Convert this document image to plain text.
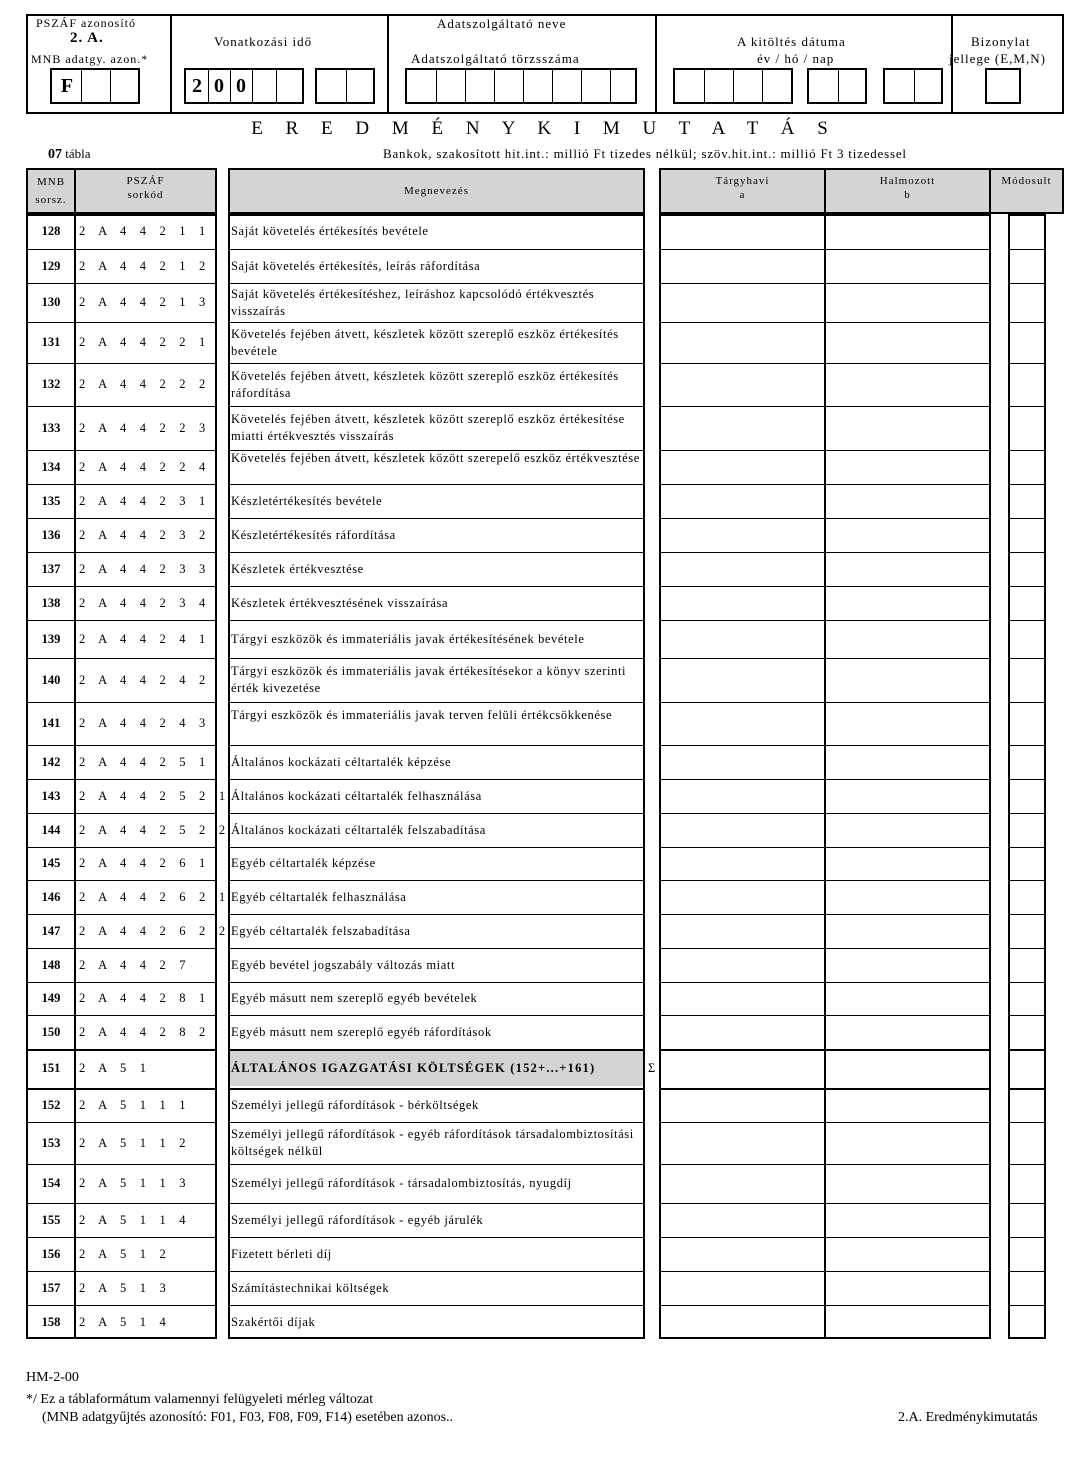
PSZÁF azonosító
2. A.
MNB adatgy. azon.*
F
Vonatkozási idő
2 0 0
Adatszolgáltató neve
Adatszolgáltató törzsszáma
A kitöltés dátuma
év / hó / nap
Bizonylat
jellege (E,M,N)
E R E D M É N Y K I M U T A T Á S
07 tábla	Bankok, szakosított hit.int.: millió Ft tizedes nélkül; szöv.hit.int.: millió Ft 3 tizedessel
MNB
sorsz.
PSZÁF
sorkód	Megnevezés
Tárgyhavi
a
Halmozott
b
Módosult
128	2 A 4 4 2 1 1 Saját követelés értékesítés bevétele
129	2 A 4 4 2 1 2 Saját követelés értékesítés, leírás ráfordítása
130	2 A 4 4 2 1 3
Saját követelés értékesítéshez, leíráshoz kapcsolódó értékvesztés visszaírás
131	2 A 4 4 2 2 1
Követelés fejében átvett, készletek között szereplő eszköz értékesítés bevétele
132	2 A 4 4 2 2 2
Követelés fejében átvett, készletek között szereplő eszköz értékesítés ráfordítása
133	2 A 4 4 2 2 3
Követelés fejében átvett, készletek között szereplő eszköz értékesítése miatti értékvesztés visszaírás
134	2 A 4 4 2 2 4
Követelés fejében átvett, készletek között szerepelő eszköz értékvesztése
135	2 A 4 4 2 3 1 Készletértékesítés bevétele
136	2 A 4 4 2 3 2 Készletértékesítés ráfordítása
137	2 A 4 4 2 3 3 Készletek értékvesztése
138	2 A 4 4 2 3 4 Készletek értékvesztésének visszaírása
139	2 A 4 4 2 4 1 Tárgyi eszközök és immateriális javak értékesítésének bevétele
140	2 A 4 4 2 4 2
Tárgyi eszközök és immateriális javak értékesítésekor a könyv szerinti érték kivezetése
141	2 A 4 4 2 4 3
Tárgyi eszközök és immateriális javak terven felüli értékcsökkenése
142	2 A 4 4 2 5 1 Általános kockázati céltartalék képzése
143	2 A 4 4 2 5 2 1 Általános kockázati céltartalék felhasználása
144	2 A 4 4 2 5 2 2 Általános kockázati céltartalék felszabadítása
145	2 A 4 4 2 6 1 Egyéb céltartalék képzése
146	2 A 4 4 2 6 2 1 Egyéb céltartalék felhasználása
147	2 A 4 4 2 6 2 2 Egyéb céltartalék felszabadítása
148	2 A 4 4 2 7	Egyéb bevétel jogszabály változás miatt
149	2 A 4 4 2 8 1 Egyéb másutt nem szereplő egyéb bevételek
150	2 A 4 4 2 8 2 Egyéb másutt nem szereplő egyéb ráfordítások
151	2 A 5 1	ÁLTALÁNOS IGAZGATÁSI KÖLTSÉGEK (152+...+161)	Σ
152	2 A 5 1 1 1	Személyi jellegű ráfordítások - bérköltségek
153	2 A 5 1 1 2
Személyi jellegű ráfordítások - egyéb ráfordítások társadalombiztosítási költségek nélkül
154	2 A 5 1 1 3	Személyi jellegű ráfordítások - társadalombiztosítás, nyugdíj
155	2 A 5 1 1 4	Személyi jellegű ráfordítások - egyéb járulék
156	2 A 5 1 2	Fizetett bérleti díj
157	2 A 5 1 3	Számítástechnikai költségek
158	2 A 5 1 4	Szakértői díjak
HM-2-00
*/ Ez a táblaformátum valamennyi felügyeleti mérleg változat
(MNB adatgyűjtés azonosító: F01, F03, F08, F09, F14) esetében azonos..	2.A. Eredménykimutatás
